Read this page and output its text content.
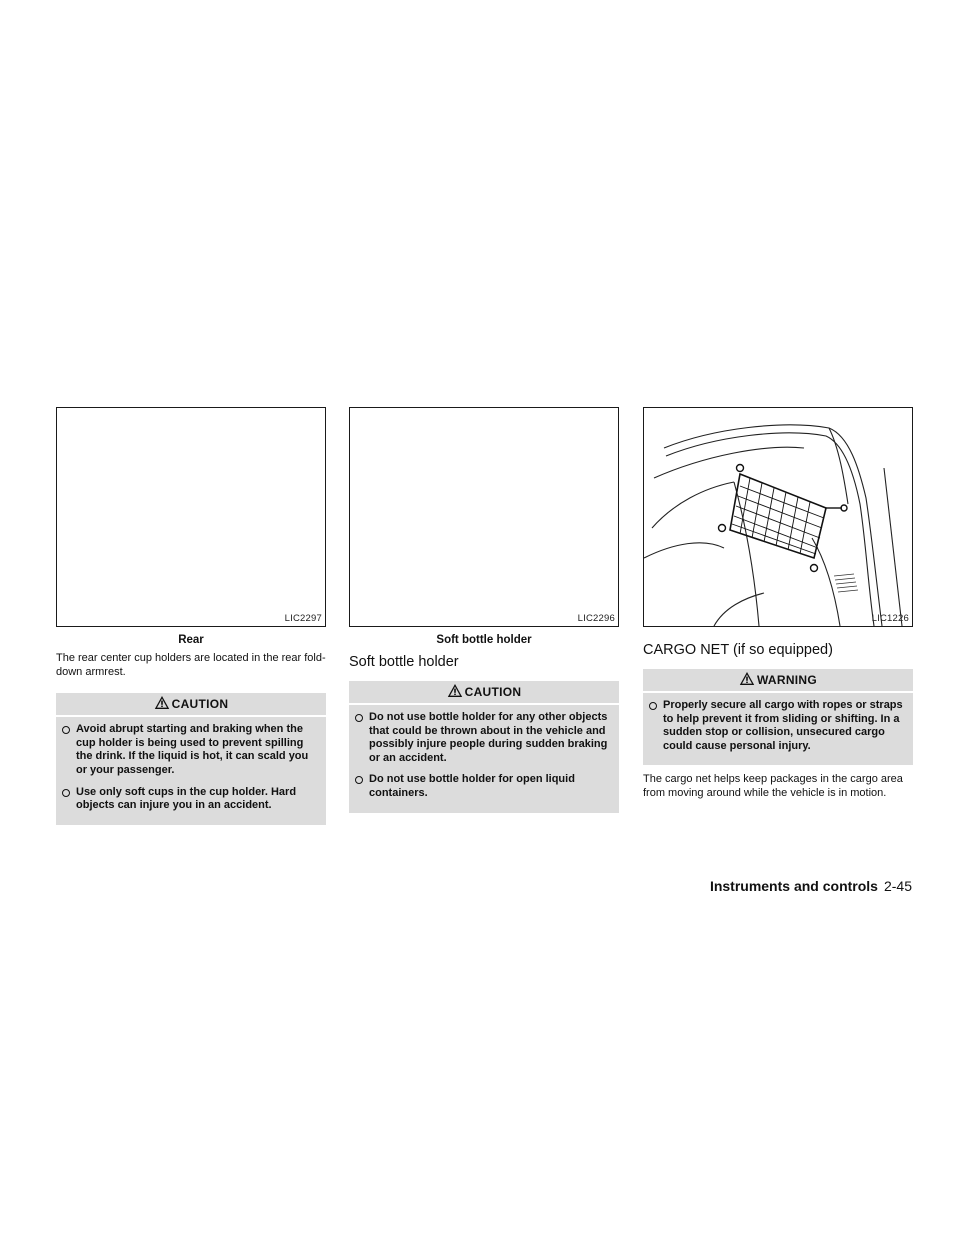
LIC2297
Rear

The rear center cup holders are located in the rear fold-down armrest.

CAUTION
Avoid abrupt starting and braking when the cup holder is being used to prevent spilling the drink. If the liquid is hot, it can scald you or your passenger.
Use only soft cups in the cup holder. Hard objects can injure you in an accident.
LIC2296
Soft bottle holder
Soft bottle holder
CAUTION
Do not use bottle holder for any other objects that could be thrown about in the vehicle and possibly injure people during sudden braking or an accident.
Do not use bottle holder for open liquid containers.
LIC1226
CARGO NET (if so equipped)
WARNING
Properly secure all cargo with ropes or straps to help prevent it from sliding or shifting. In a sudden stop or collision, unsecured cargo could cause personal injury.

The cargo net helps keep packages in the cargo area from moving around while the vehicle is in motion.

Instruments and controls 2-45
